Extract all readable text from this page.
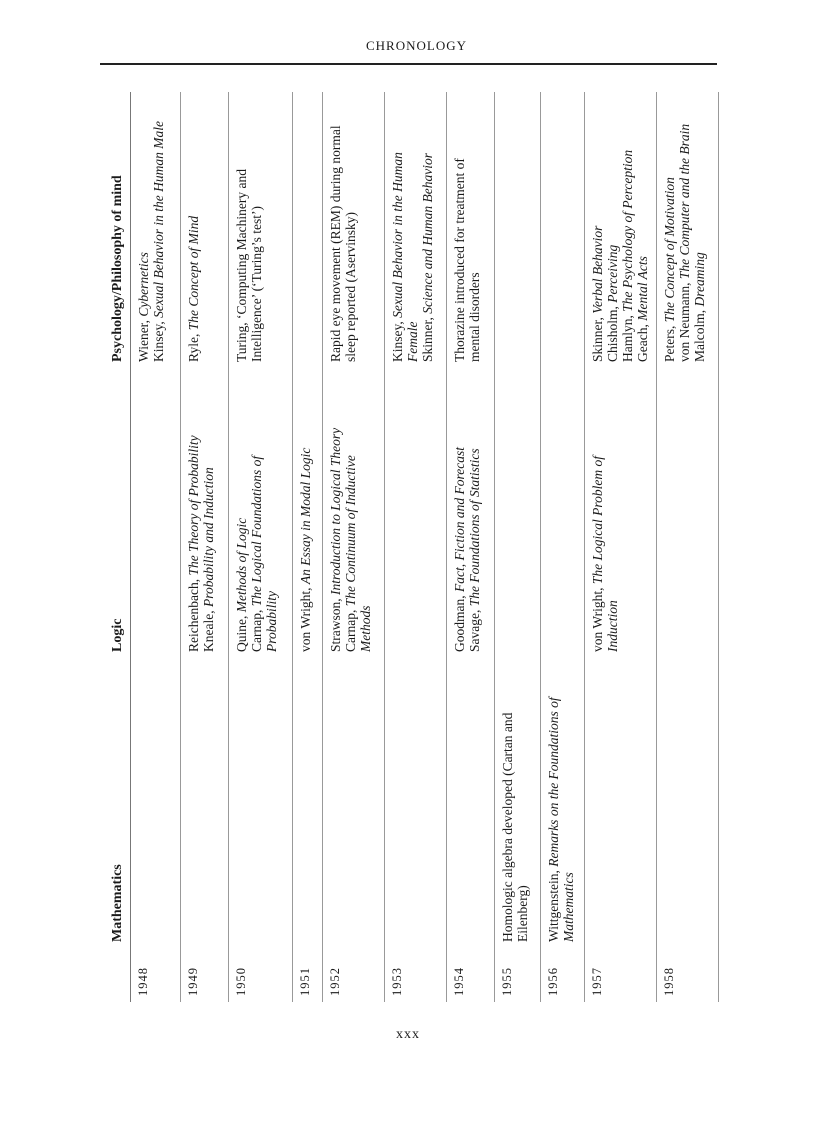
CHRONOLOGY
Mathematics
Logic
Psychology/Philosophy of mind
1948
Wiener, Cybernetics
Kinsey, Sexual Behavior in the Human Male
1949
Reichenbach, The Theory of Probability
Kneale, Probability and Induction
Ryle, The Concept of Mind
1950
Quine, Methods of Logic
Carnap, The Logical Foundations of
Probability
Turing, ‘Computing Machinery and Intelligence’ (‘Turing’s test’)
1951
von Wright, An Essay in Modal Logic
1952
Strawson, Introduction to Logical Theory
Carnap, The Continuum of Inductive
Methods
Rapid eye movement (REM) during normal sleep reported (Aservinsky)
1953
Kinsey, Sexual Behavior in the Human
Female Skinner, Science and Human Behavior
1954
Goodman, Fact, Fiction and Forecast
Savage, The Foundations of Statistics
Thorazine introduced for treatment of mental disorders
1955
Homologic algebra developed (Cartan and Eilenberg)
1956
Wittgenstein, Remarks on the Foundations of
Mathematics
1957
von Wright, The Logical Problem of
Induction
Skinner, Verbal Behavior
Chisholm, Perceiving
Hamlyn, The Psychology of Perception
Geach, Mental Acts
1958
Peters, The Concept of Motivation von Neumann, The Computer and the Brain
Malcolm, Dreaming
xxx
